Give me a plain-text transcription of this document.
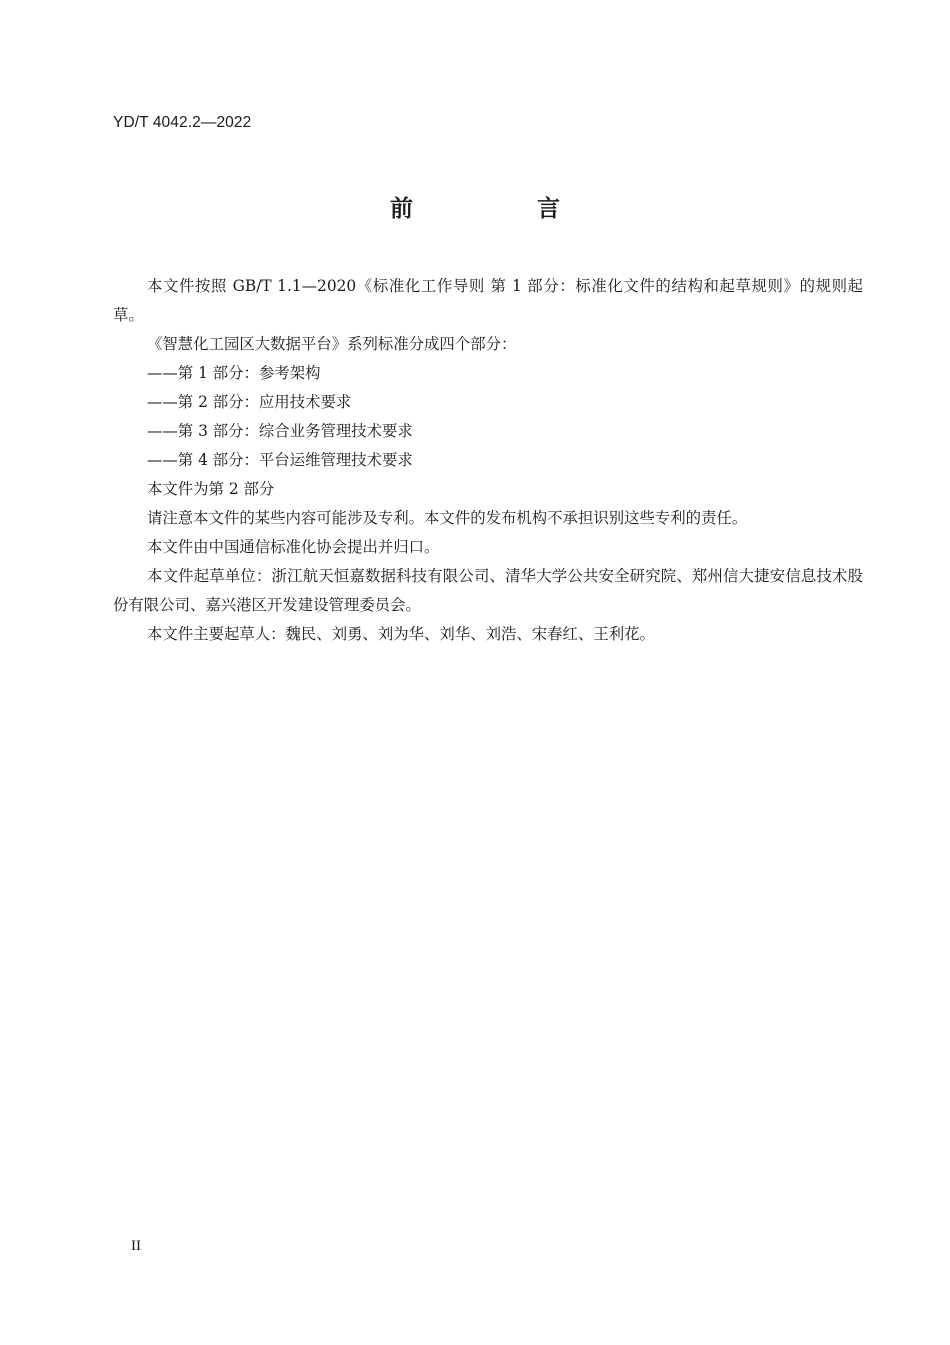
YD/T 4042.2—2022
前 言

本文件按照 GB/T 1.1—2020《标准化工作导则 第 1 部分：标准化文件的结构和起草规则》的规则起草。

《智慧化工园区大数据平台》系列标准分成四个部分：

——第 1 部分：参考架构

——第 2 部分：应用技术要求

——第 3 部分：综合业务管理技术要求

——第 4 部分：平台运维管理技术要求

本文件为第 2 部分

请注意本文件的某些内容可能涉及专利。本文件的发布机构不承担识别这些专利的责任。

本文件由中国通信标准化协会提出并归口。

本文件起草单位：浙江航天恒嘉数据科技有限公司、清华大学公共安全研究院、郑州信大捷安信息技术股份有限公司、嘉兴港区开发建设管理委员会。

本文件主要起草人：魏民、刘勇、刘为华、刘华、刘浩、宋春红、王利花。

II
